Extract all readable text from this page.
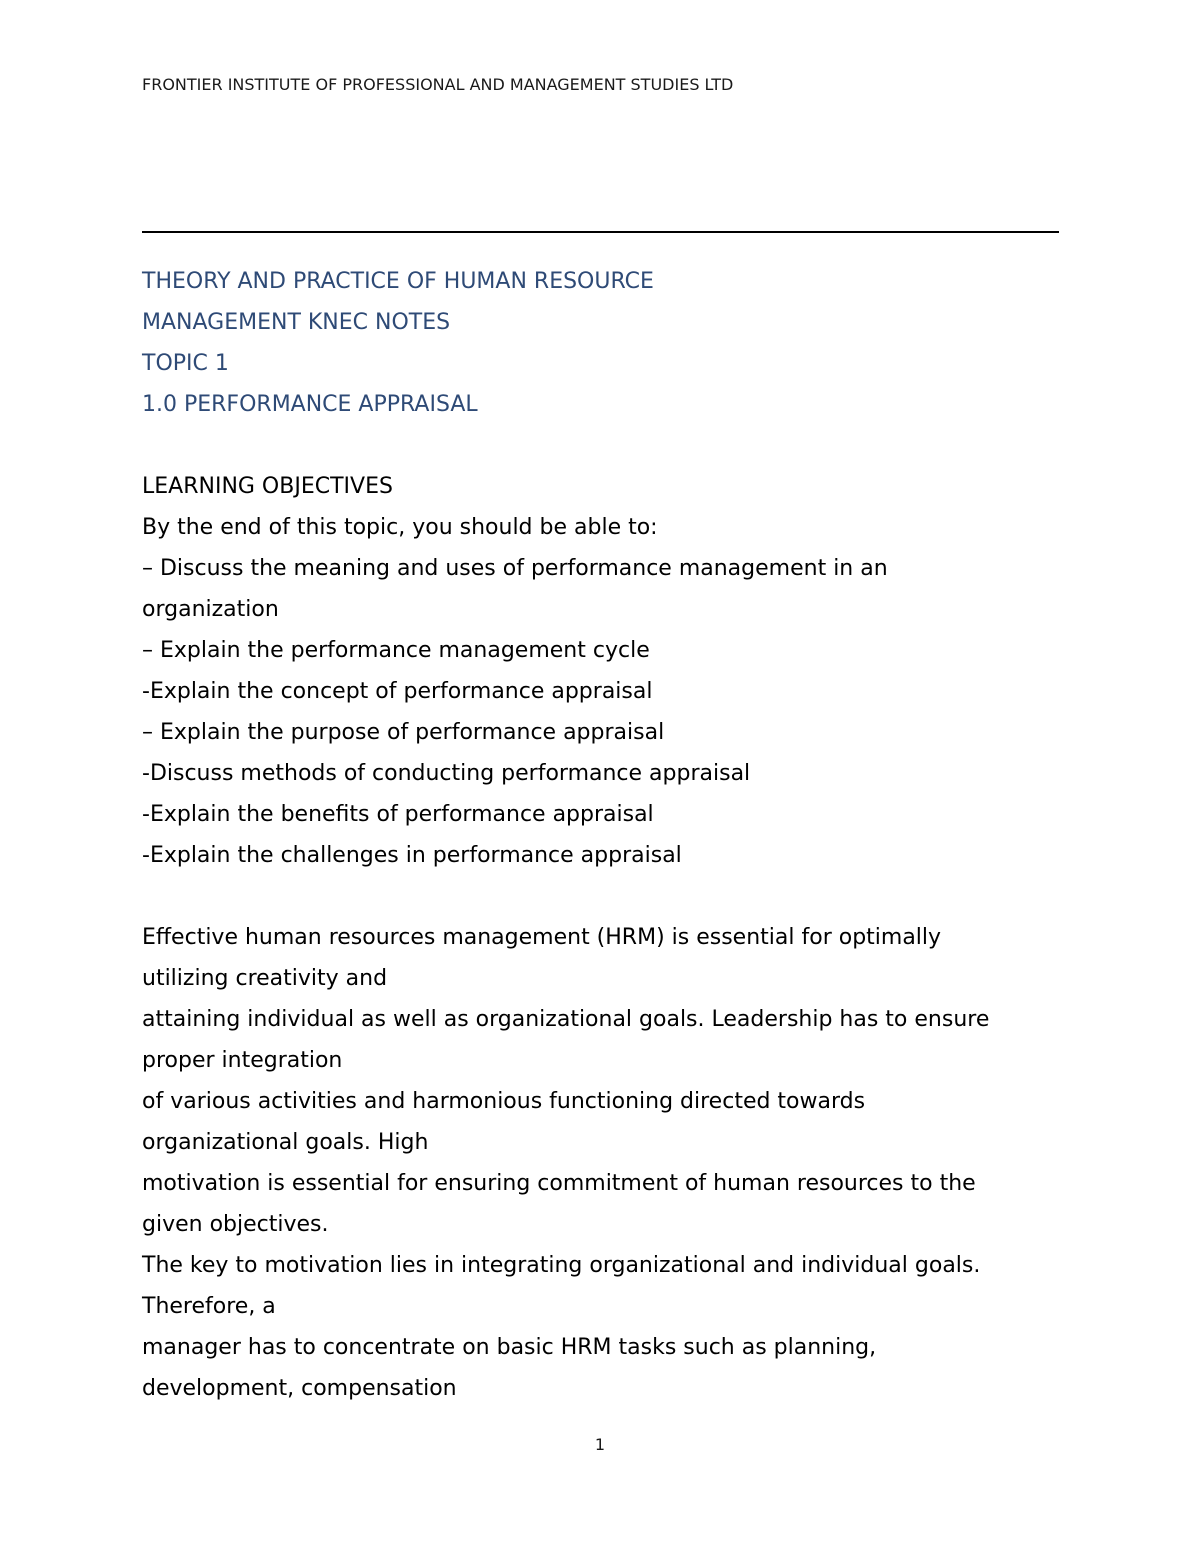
FRONTIER INSTITUTE OF PROFESSIONAL AND MANAGEMENT STUDIES LTD
THEORY AND PRACTICE OF HUMAN RESOURCE
MANAGEMENT KNEC NOTES
TOPIC 1
1.0 PERFORMANCE APPRAISAL
LEARNING OBJECTIVES
By the end of this topic, you should be able to:
– Discuss the meaning and uses of performance management in an
organization
– Explain the performance management cycle
-Explain the concept of performance appraisal
– Explain the purpose of performance appraisal
-Discuss methods of conducting performance appraisal
-Explain the benefits of performance appraisal
-Explain the challenges in performance appraisal
Effective human resources management (HRM) is essential for optimally
utilizing creativity and
attaining individual as well as organizational goals. Leadership has to ensure
proper integration
of various activities and harmonious functioning directed towards
organizational goals. High
motivation is essential for ensuring commitment of human resources to the
given objectives.
The key to motivation lies in integrating organizational and individual goals.
Therefore, a
manager has to concentrate on basic HRM tasks such as planning,
development, compensation
1
